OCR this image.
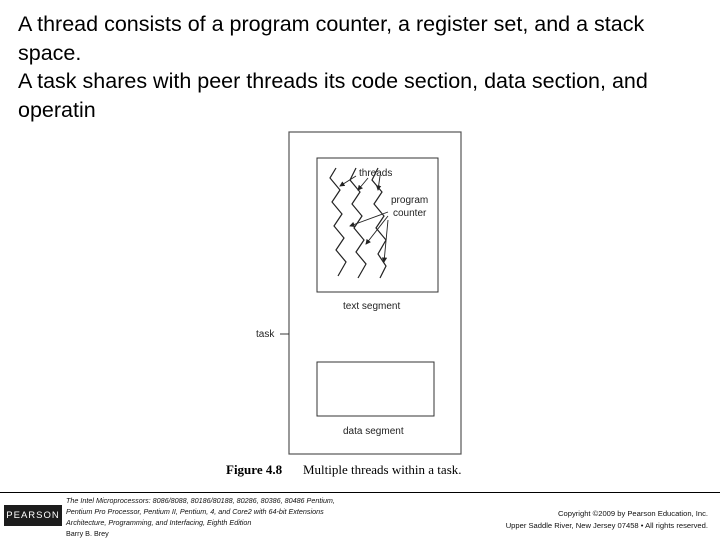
A thread consists of a program counter, a register set, and a stack space.

A task shares with peer threads its code section, data section, and operatin

threads
program
counter
text segment
task
data segment
Figure 4.8 Multiple threads within a task.
PEARSON
The Intel Microprocessors: 8086/8088, 80186/80188, 80286, 80386, 80486 Pentium,
Pentium Pro Processor, Pentium II, Pentium, 4, and Core2 with 64-bit Extensions
Architecture, Programming, and Interfacing, Eighth Edition
Barry B. Brey
Copyright ©2009 by Pearson Education, Inc.
Upper Saddle River, New Jersey 07458 • All rights reserved.
